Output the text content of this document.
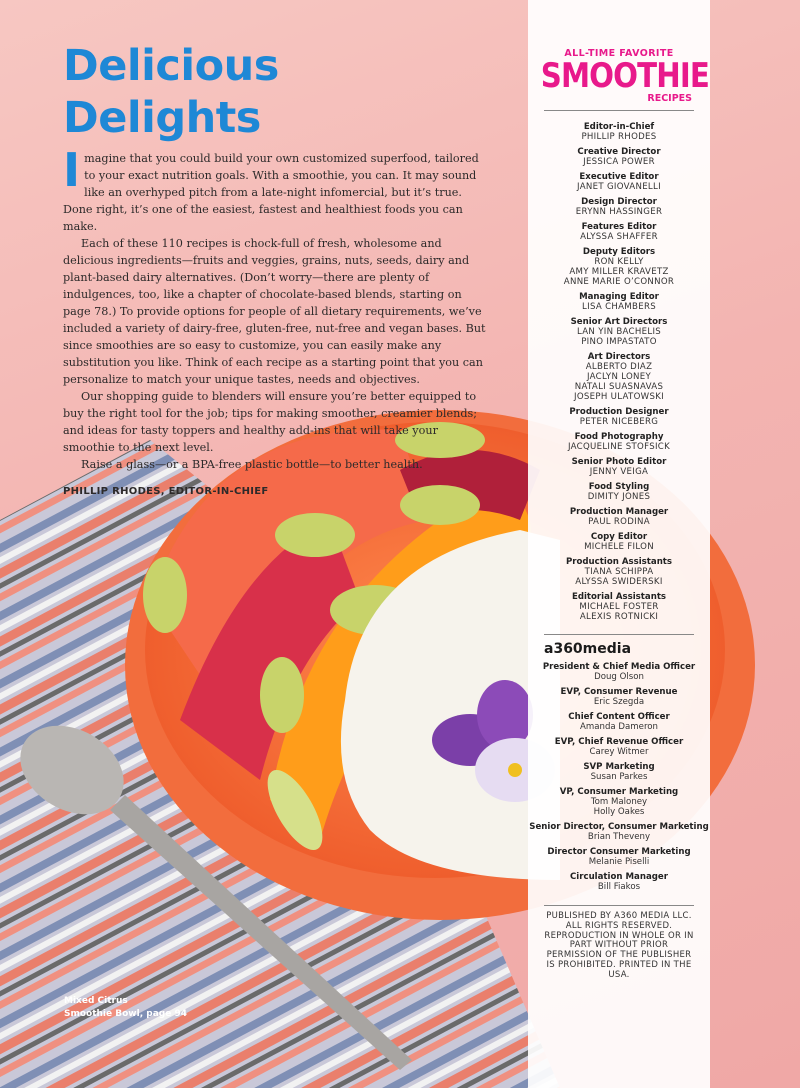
Delicious Delights

Imagine that you could build your own customized superfood, tailored to your exact nutrition goals. With a smoothie, you can. It may sound like an overhyped pitch from a late-night infomercial, but it’s true. Done right, it’s one of the easiest, fastest and healthiest foods you can make.

Each of these 110 recipes is chock-full of fresh, wholesome and delicious ingredients—fruits and veggies, grains, nuts, seeds, dairy and plant-based dairy alternatives. (Don’t worry—there are plenty of indulgences, too, like a chapter of chocolate-based blends, starting on page 78.) To provide options for people of all dietary requirements, we’ve included a variety of dairy-free, gluten-free, nut-free and vegan bases. But since smoothies are so easy to customize, you can easily make any substitution you like. Think of each recipe as a starting point that you can personalize to match your unique tastes, needs and objectives.

Our shopping guide to blenders will ensure you’re better equipped to buy the right tool for the job; tips for making smoother, creamier blends; and ideas for tasty toppers and healthy add-ins that will take your smoothie to the next level.

Raise a glass—or a BPA-free plastic bottle—to better health.

PHILLIP RHODES, EDITOR-IN-CHIEF
Mixed Citrus
Smoothie Bowl, page 94
ALL-TIME FAVORITE
SMOOTHIE
RECIPES
Editor-in-Chief
PHILLIP RHODES
Creative Director
JESSICA POWER
Executive Editor
JANET GIOVANELLI
Design Director
ERYNN HASSINGER
Features Editor
ALYSSA SHAFFER
Deputy Editors
RON KELLY
AMY MILLER KRAVETZ
ANNE MARIE O’CONNOR
Managing Editor
LISA CHAMBERS
Senior Art Directors
LAN YIN BACHELIS
PINO IMPASTATO
Art Directors
ALBERTO DIAZ
JACLYN LONEY
NATALI SUASNAVAS
JOSEPH ULATOWSKI
Production Designer
PETER NICEBERG
Food Photography
JACQUELINE STOFSICK
Senior Photo Editor
JENNY VEIGA
Food Styling
DIMITY JONES
Production Manager
PAUL RODINA
Copy Editor
MICHELE FILON
Production Assistants
TIANA SCHIPPA
ALYSSA SWIDERSKI
Editorial Assistants
MICHAEL FOSTER
ALEXIS ROTNICKI
a360media
President & Chief Media Officer
Doug Olson
EVP, Consumer Revenue
Eric Szegda
Chief Content Officer
Amanda Dameron
EVP, Chief Revenue Officer
Carey Witmer
SVP Marketing
Susan Parkes
VP, Consumer Marketing
Tom Maloney
Holly Oakes
Senior Director, Consumer Marketing
Brian Theveny
Director Consumer Marketing
Melanie Piselli
Circulation Manager
Bill Fiakos
PUBLISHED BY A360 MEDIA LLC. ALL RIGHTS RESERVED. REPRODUCTION IN WHOLE OR IN PART WITHOUT PRIOR PERMISSION OF THE PUBLISHER IS PROHIBITED. PRINTED IN THE USA.
